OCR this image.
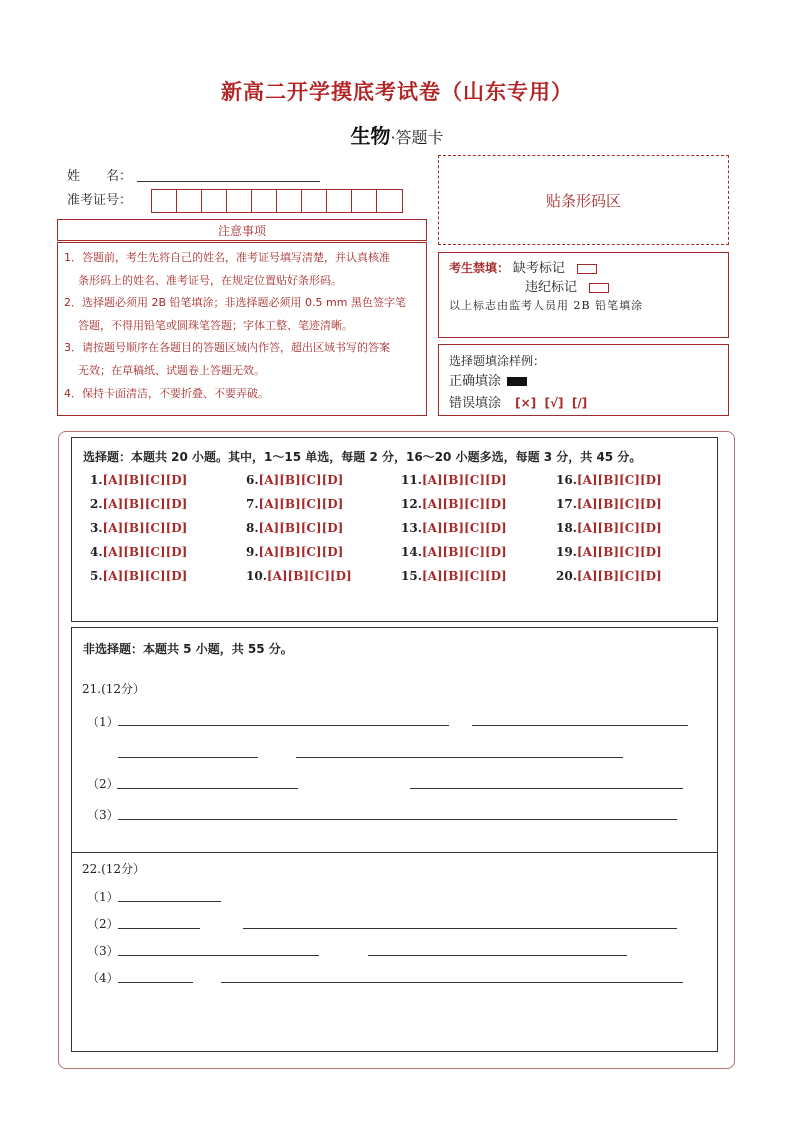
新高二开学摸底考试卷（山东专用）
生物·答题卡
姓　　名：
准考证号：	贴条形码区
注意事项
1．答题前，考生先将自己的姓名，准考证号填写清楚，并认真核准
条形码上的姓名、准考证号，在规定位置贴好条形码。
2．选择题必须用 2B 铅笔填涂；非选择题必须用 0.5 mm 黑色签字笔
答题，不得用铅笔或圆珠笔答题；字体工整、笔迹清晰。
3．请按题号顺序在各题目的答题区域内作答，超出区域书写的答案
无效；在草稿纸、试题卷上答题无效。
4．保持卡面清洁，不要折叠、不要弄破。
考生禁填： 缺考标记
违纪标记
以上标志由监考人员用 2B 铅笔填涂
选择题填涂样例：
正确填涂
错误填涂 [×]  [√]  [/]
选择题：本题共 20 小题。其中，1～15 单选，每题 2 分，16～20 小题多选，每题 3 分，共 45 分。
1.[A][B][C][D]
2.[A][B][C][D]
3.[A][B][C][D]
4.[A][B][C][D]
5.[A][B][C][D]
6.[A][B][C][D]
7.[A][B][C][D]
8.[A][B][C][D]
9.[A][B][C][D]
10.[A][B][C][D]
11.[A][B][C][D]
12.[A][B][C][D]
13.[A][B][C][D]
14.[A][B][C][D]
15.[A][B][C][D]
16.[A][B][C][D]
17.[A][B][C][D]
18.[A][B][C][D]
19.[A][B][C][D]
20.[A][B][C][D]
非选择题：本题共 5 小题，共 55 分。
21.(12分）
（1）
（2）
（3）
22.(12分）
（1）
（2）
（3）
（4）
